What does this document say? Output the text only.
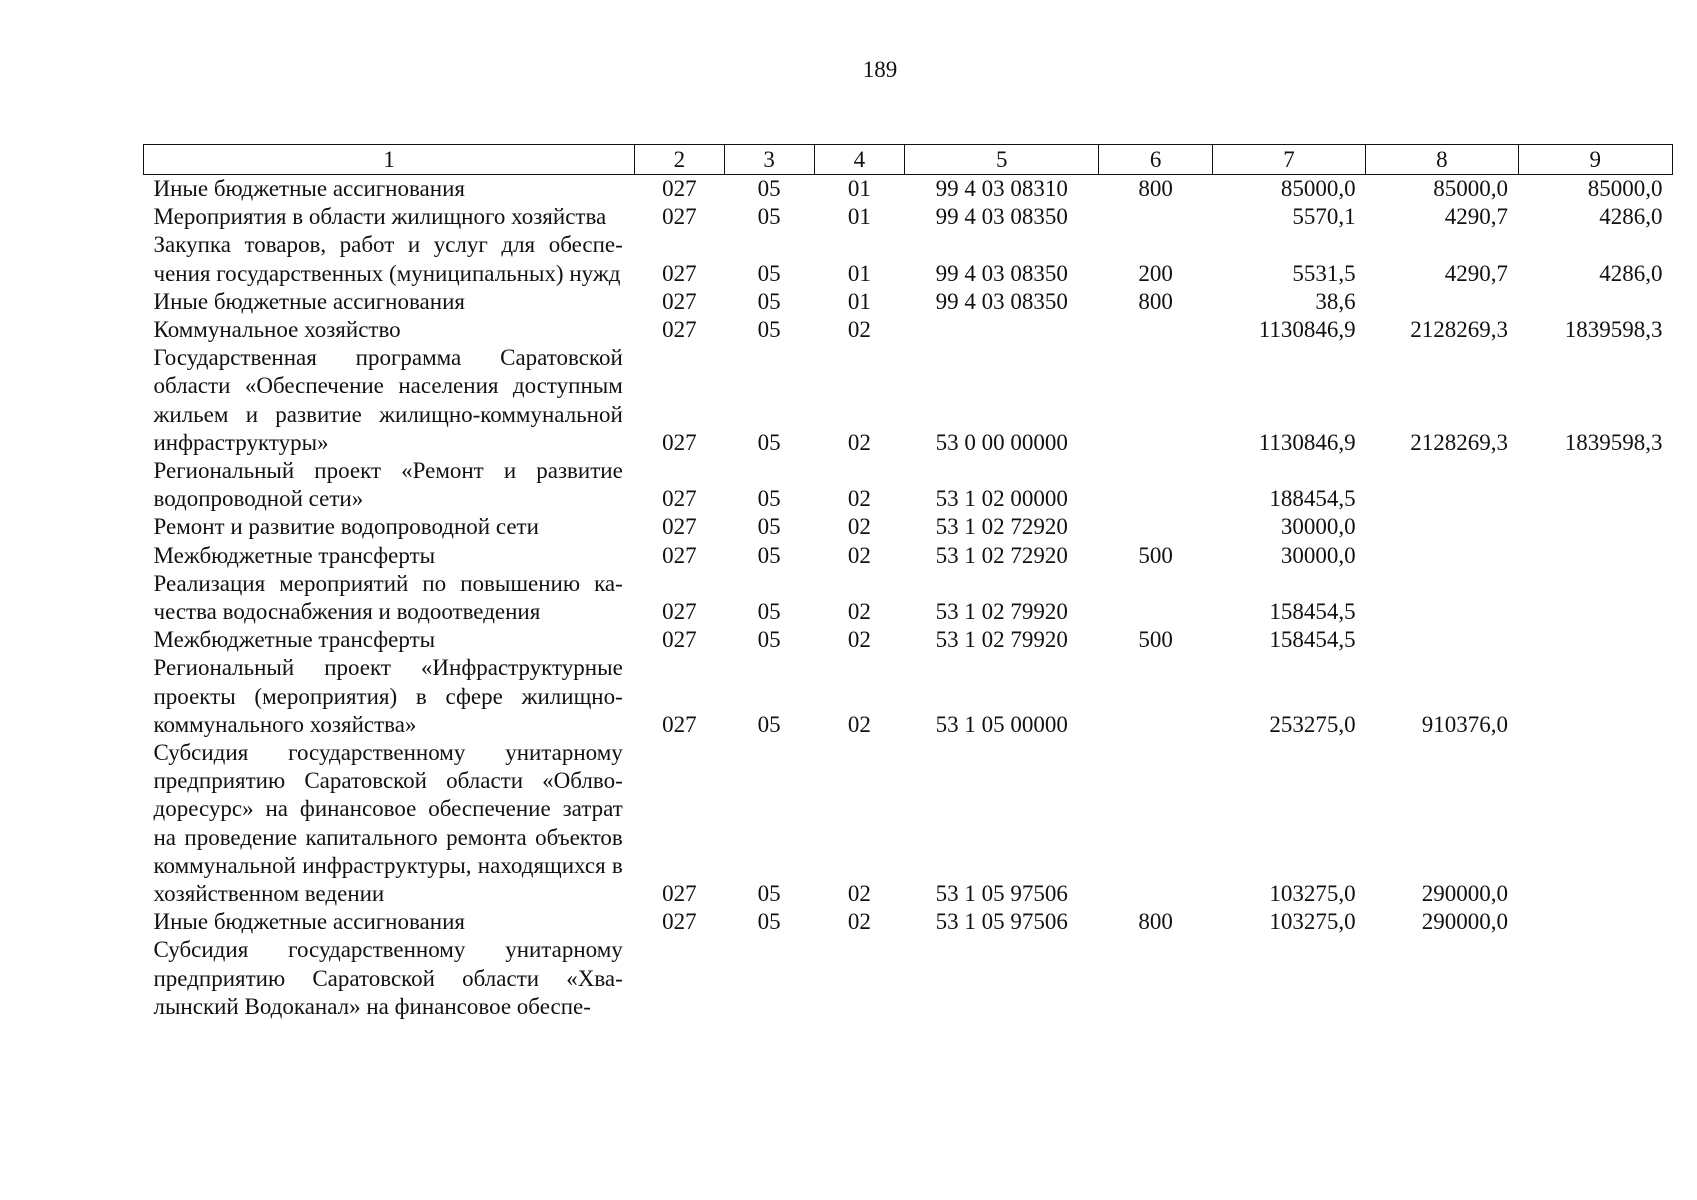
189
1	2	3	4	5	6	7	8	9
Иные бюджетные ассигнования	027	05	01	99 4 03 08310	800	85000,0	85000,0	85000,0
Мероприятия в области жилищного хозяйства	027	05	01	99 4 03 08350		5570,1	4290,7	4286,0
Закупка товаров, работ и услуг для обеспечения государственных (муниципальных) нужд	027	05	01	99 4 03 08350	200	5531,5	4290,7	4286,0
Иные бюджетные ассигнования	027	05	01	99 4 03 08350	800	38,6		
Коммунальное хозяйство	027	05	02			1130846,9	2128269,3	1839598,3
Государственная программа Саратовской области «Обеспечение населения доступным жильем и развитие жилищно-коммунальной инфраструктуры»	027	05	02	53 0 00 00000		1130846,9	2128269,3	1839598,3
Региональный проект «Ремонт и развитие водопроводной сети»	027	05	02	53 1 02 00000		188454,5		
Ремонт и развитие водопроводной сети	027	05	02	53 1 02 72920		30000,0		
Межбюджетные трансферты	027	05	02	53 1 02 72920	500	30000,0		
Реализация мероприятий по повышению качества водоснабжения и водоотведения	027	05	02	53 1 02 79920		158454,5		
Межбюджетные трансферты	027	05	02	53 1 02 79920	500	158454,5		
Региональный проект «Инфраструктурные проекты (мероприятия) в сфере жилищно-коммунального хозяйства»	027	05	02	53 1 05 00000		253275,0	910376,0	
Субсидия государственному унитарному предприятию Саратовской области «Облводоресурс» на финансовое обеспечение затрат на проведение капитального ремонта объектов коммунальной инфраструктуры, находящихся в хозяйственном ведении	027	05	02	53 1 05 97506		103275,0	290000,0	
Иные бюджетные ассигнования	027	05	02	53 1 05 97506	800	103275,0	290000,0	
Субсидия государственному унитарному предприятию Саратовской области «Хвалынский Водоканал» на финансовое обеспе-								
